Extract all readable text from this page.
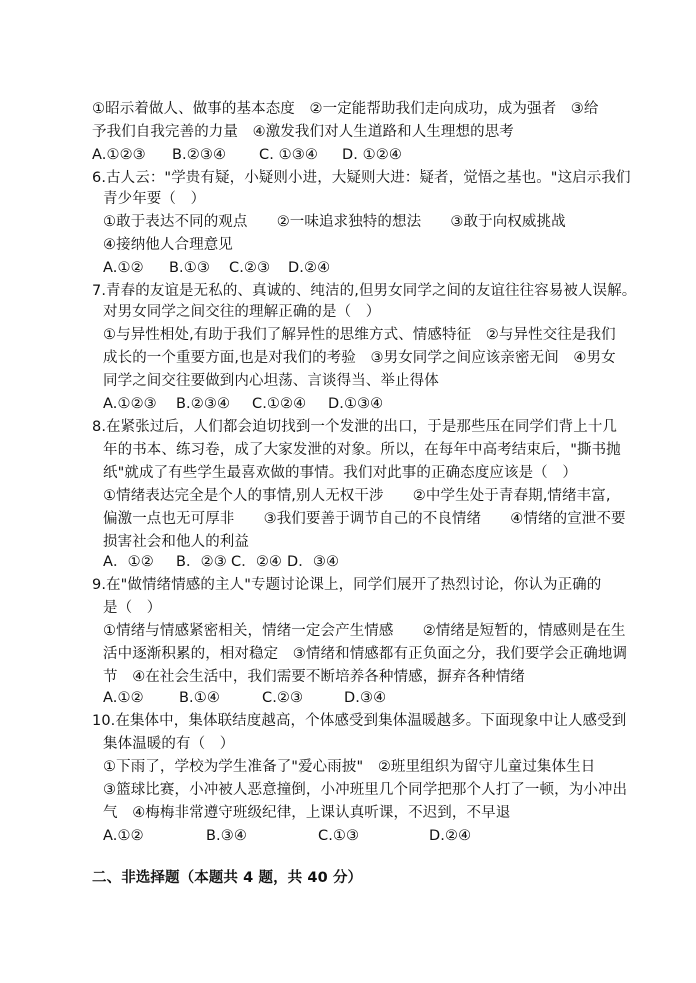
①昭示着做人、做事的基本态度　②一定能帮助我们走向成功，成为强者　③给
予我们自我完善的力量　④激发我们对人生道路和人生理想的思考
A.①②③ B.②③④ C. ①③④ D. ①②④
6.古人云："学贵有疑，小疑则小进，大疑则大进：疑者，觉悟之基也。"这启示我们
青少年要（　）
①敢于表达不同的观点　　②一味追求独特的想法　　③敢于向权威挑战
④接纳他人合理意见
A.①② B.①③ C.②③ D.②④
7.青春的友谊是无私的、真诚的、纯洁的,但男女同学之间的友谊往往容易被人误解。
对男女同学之间交往的理解正确的是（　）
①与异性相处,有助于我们了解异性的思维方式、情感特征　②与异性交往是我们
成长的一个重要方面,也是对我们的考验　③男女同学之间应该亲密无间　④男女
同学之间交往要做到内心坦荡、言谈得当、举止得体
A.①②③ B.②③④ C.①②④ D.①③④
8.在紧张过后，人们都会迫切找到一个发泄的出口，于是那些压在同学们背上十几
年的书本、练习卷，成了大家发泄的对象。所以，在每年中高考结束后，"撕书抛
纸"就成了有些学生最喜欢做的事情。我们对此事的正确态度应该是（　）
①情绪表达完全是个人的事情,别人无权干涉　　②中学生处于青春期,情绪丰富,
偏激一点也无可厚非　　③我们要善于调节自己的不良情绪　　④情绪的宣泄不要
损害社会和他人的利益
A．①② B．②③ C．②④ D．③④
9.在"做情绪情感的主人"专题讨论课上，同学们展开了热烈讨论，你认为正确的
是（　）
①情绪与情感紧密相关，情绪一定会产生情感　　②情绪是短暂的，情感则是在生
活中逐渐积累的，相对稳定　③情绪和情感都有正负面之分，我们要学会正确地调
节　④在社会生活中，我们需要不断培养各种情感，摒弃各种情绪
A.①② B.①④	C.②③	D.③④
10.在集体中，集体联结度越高，个体感受到集体温暖越多。下面现象中让人感受到
集体温暖的有（　）
①下雨了，学校为学生准备了"爱心雨披"　②班里组织为留守儿童过集体生日
③篮球比赛，小冲被人恶意撞倒，小冲班里几个同学把那个人打了一顿，为小冲出
气　④梅梅非常遵守班级纪律，上课认真听课，不迟到，不早退
A.①②	B.③④	C.①③	D.②④
二、非选择题（本题共 4 题，共 40 分）
